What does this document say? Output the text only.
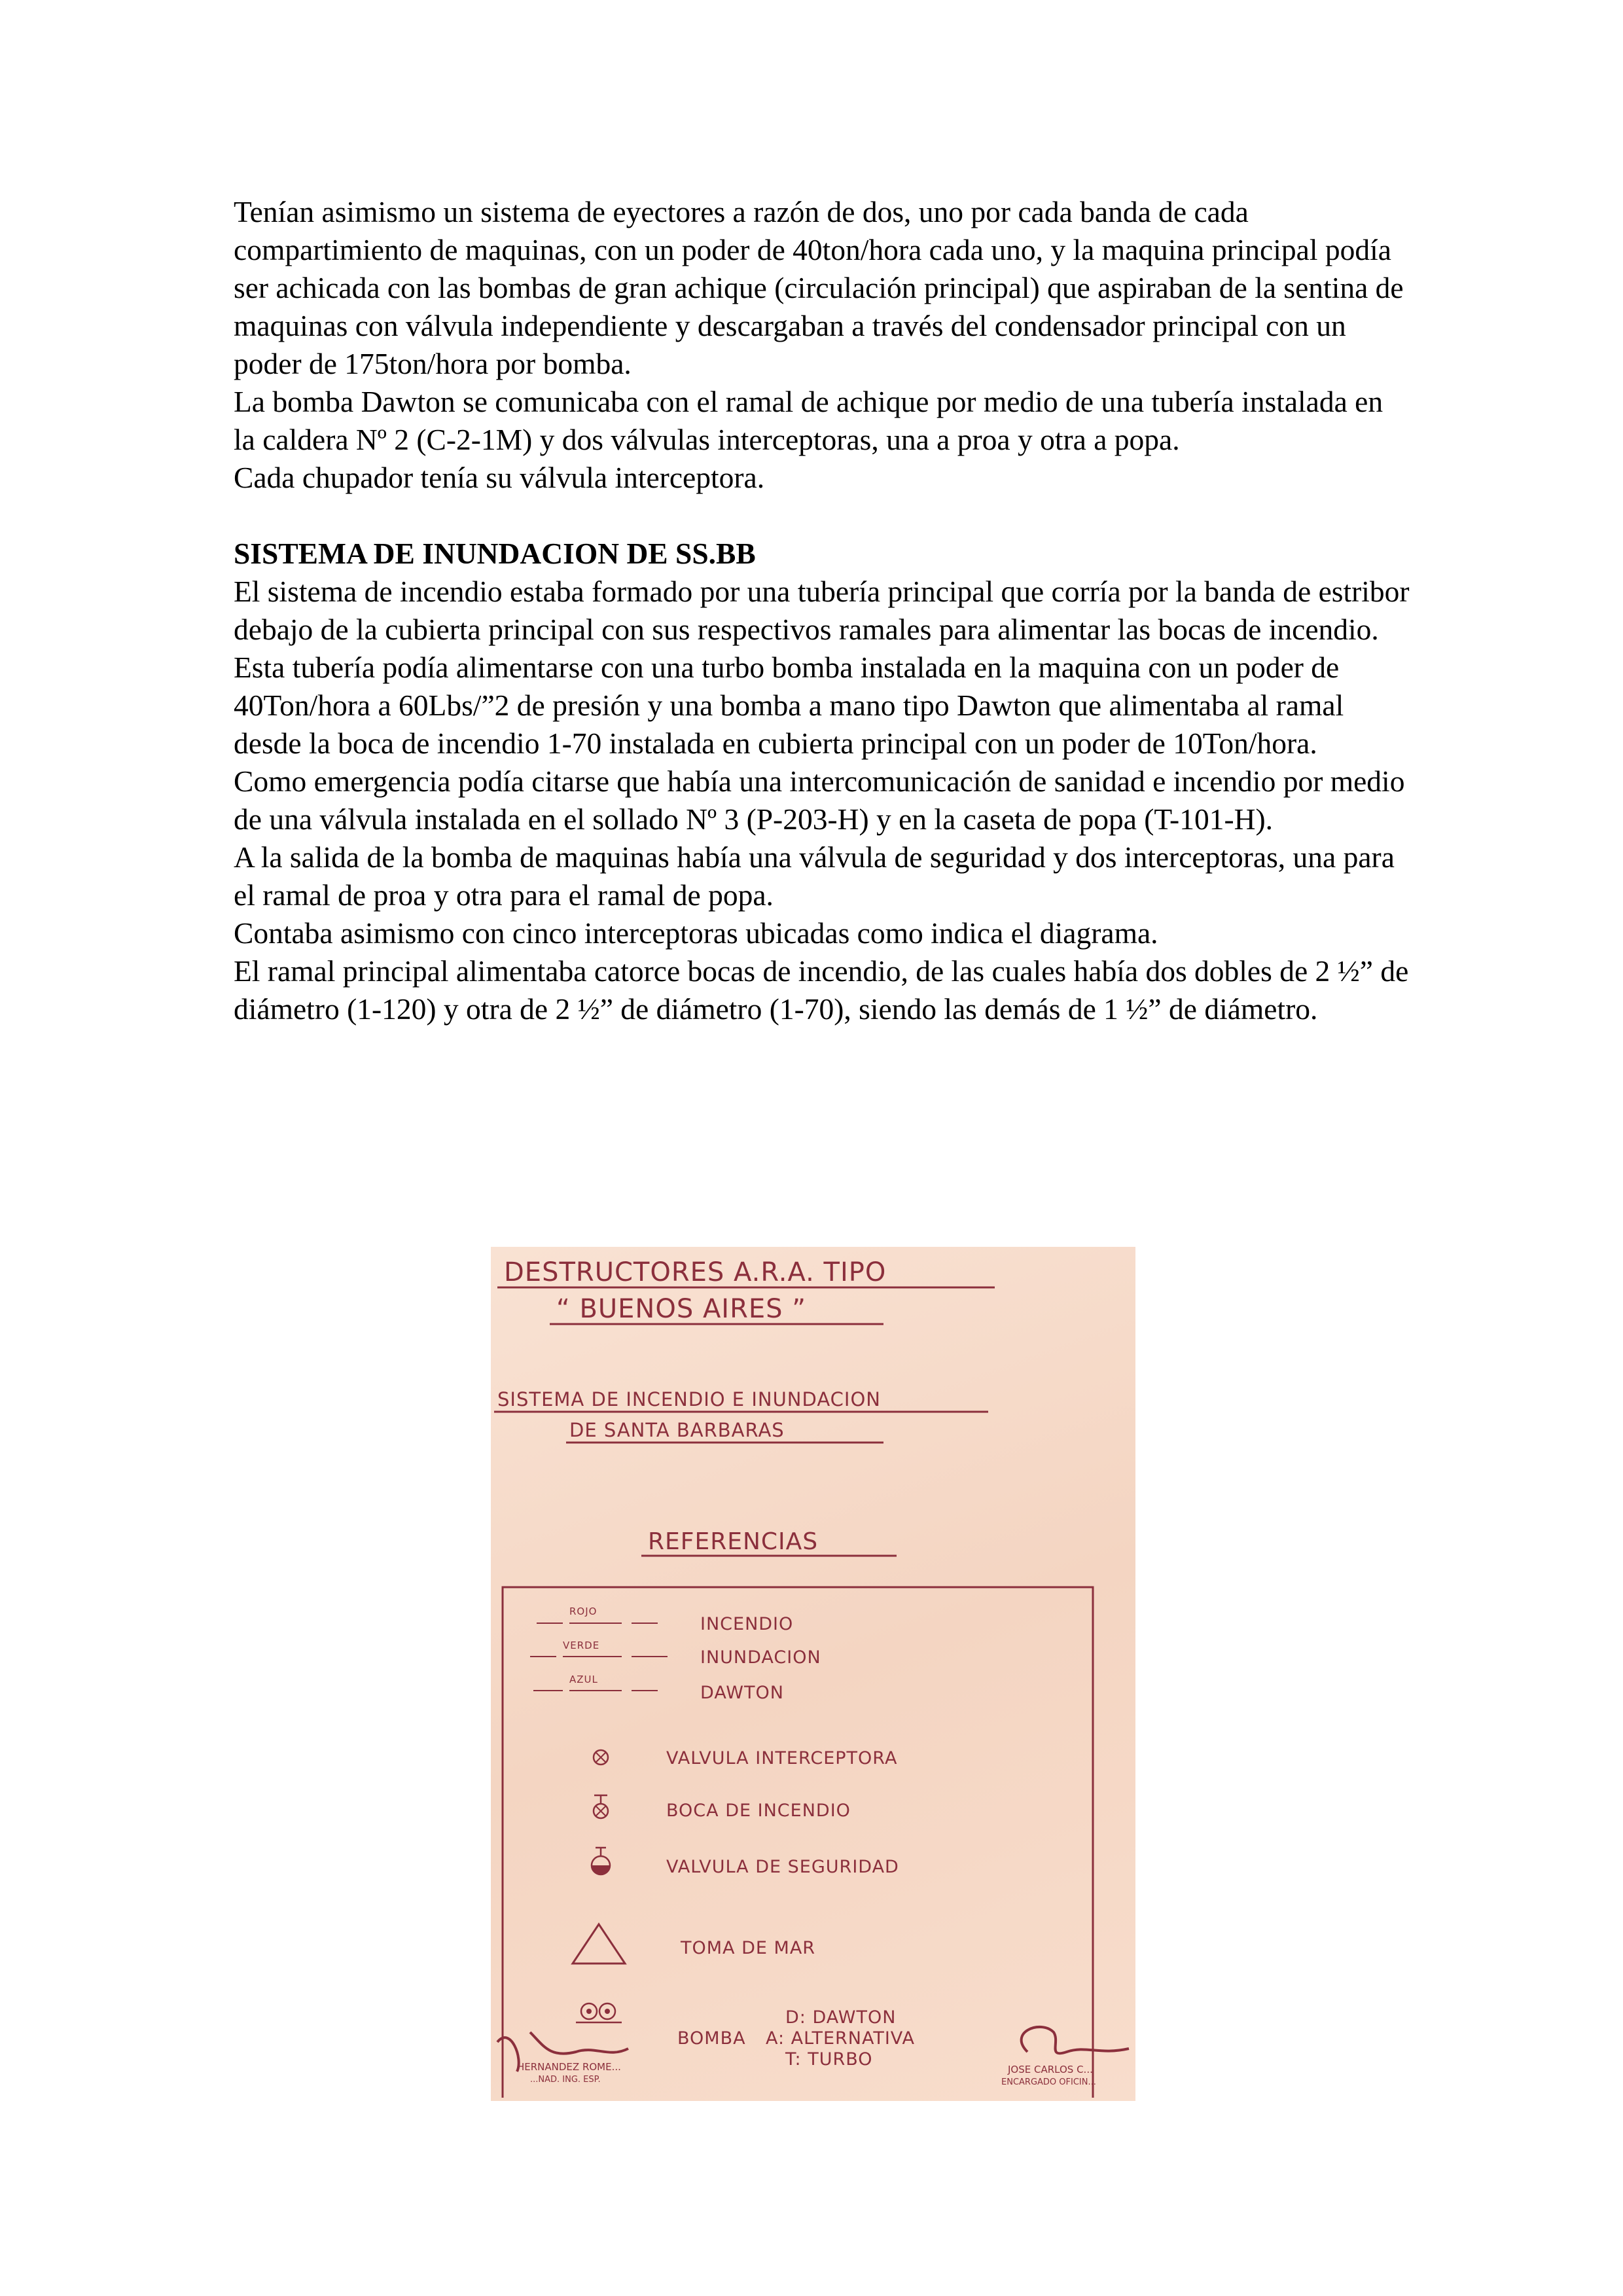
Tenían asimismo un sistema de eyectores a razón de dos, uno por cada banda de cada compartimiento de maquinas, con un poder de 40ton/hora cada uno, y la maquina principal podía ser achicada con las bombas de gran achique (circulación principal) que aspiraban de la sentina de maquinas con válvula independiente y descargaban a través del condensador principal con un poder de 175ton/hora por bomba.

La bomba Dawton se comunicaba con el ramal de achique por medio de una tubería instalada en la caldera Nº 2 (C-2-1M) y dos válvulas interceptoras, una a proa y otra a popa.

Cada chupador tenía su válvula interceptora.

SISTEMA DE INUNDACION DE SS.BB

El sistema de incendio estaba formado por una tubería principal que corría por la banda de estribor debajo de la cubierta principal con sus respectivos ramales para alimentar las bocas de incendio.

Esta tubería podía alimentarse con una turbo bomba instalada en la maquina con un poder de 40Ton/hora a 60Lbs/”2 de presión y una bomba a mano tipo Dawton que alimentaba al ramal desde la boca de incendio 1-70 instalada en cubierta principal con un poder de 10Ton/hora.

Como emergencia podía citarse que había una intercomunicación de sanidad e incendio por medio de una válvula instalada en el sollado Nº 3 (P-203-H) y en la caseta de popa (T-101-H).

A la salida de la bomba de maquinas había una válvula de seguridad y dos interceptoras, una para el ramal de proa y otra para el ramal de popa.

Contaba asimismo con cinco interceptoras ubicadas como indica el diagrama.

El ramal principal alimentaba catorce bocas de incendio, de las cuales había dos dobles de 2 ½” de diámetro (1-120) y otra de 2 ½” de diámetro (1-70), siendo las demás de 1 ½” de diámetro.

DESTRUCTORES A.R.A. TIPO
“ BUENOS AIRES ”
SISTEMA DE INCENDIO E INUNDACION
DE SANTA BARBARAS
REFERENCIAS
ROJO
INCENDIO
VERDE
INUNDACION
AZUL
DAWTON
VALVULA INTERCEPTORA
BOCA DE INCENDIO
VALVULA DE SEGURIDAD
TOMA DE MAR
BOMBA
D: DAWTON
A: ALTERNATIVA
T: TURBO
HERNANDEZ ROME...
...NAD. ING. ESP.
JOSE CARLOS C...
ENCARGADO OFICIN...
